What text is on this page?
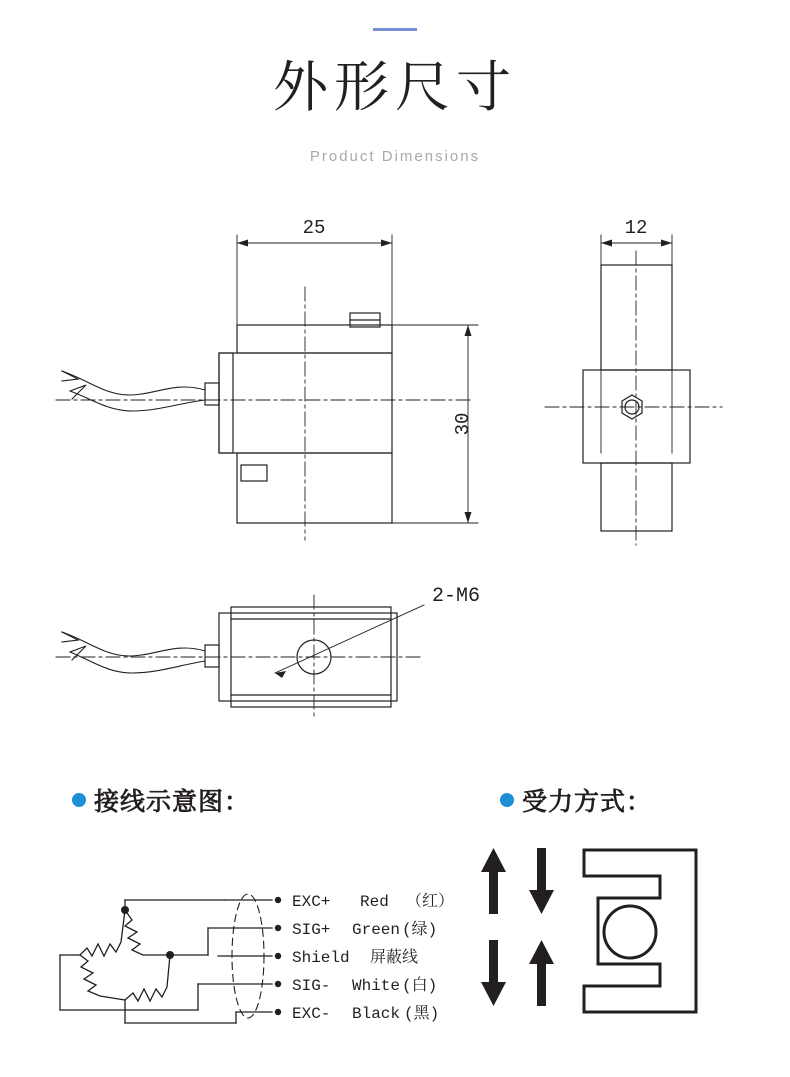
外形尺寸
Product Dimensions
25	12
30
2-M6
接线示意图：	受力方式：
EXC+ Red （红）
SIG+ Green (绿)
Shield 屏蔽线
SIG- White (白)
EXC- Black (黑)
